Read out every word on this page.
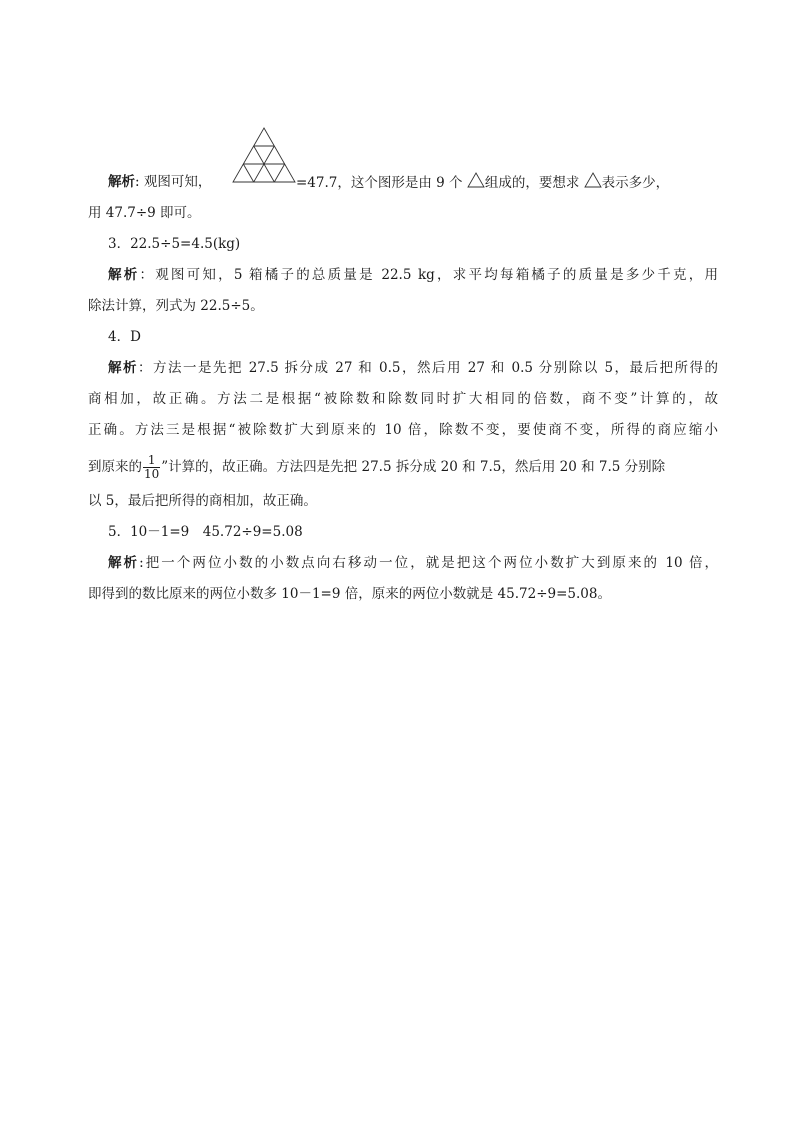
解析: 观图可知，	=47.7，这个图形是由 9 个 组成的，要想求 表示多少，
用 47.7÷9 即可。
3．22.5÷5=4.5(kg)
解析：观图可知，5 箱橘子的总质量是 22.5 kg，求平均每箱橘子的质量是多少千克，用
除法计算，列式为 22.5÷5。
4．D
解析：方法一是先把 27.5 拆分成 27 和 0.5，然后用 27 和 0.5 分别除以 5，最后把所得的
商相加，故正确。方法二是根据“被除数和除数同时扩大相同的倍数，商不变”计算的，故
正确。方法三是根据“被除数扩大到原来的 10 倍，除数不变，要使商不变，所得的商应缩小
到原来的 $\frac{1}{10}$ ”计算的，故正确。方法四是先把 27.5 拆分成 20 和 7.5，然后用 20 和 7.5 分别除
以 5，最后把所得的商相加，故正确。
5．10－1=9　45.72÷9=5.08
解析:把一个两位小数的小数点向右移动一位，就是把这个两位小数扩大到原来的 10 倍，
即得到的数比原来的两位小数多 10－1=9 倍，原来的两位小数就是 45.72÷9=5.08。
